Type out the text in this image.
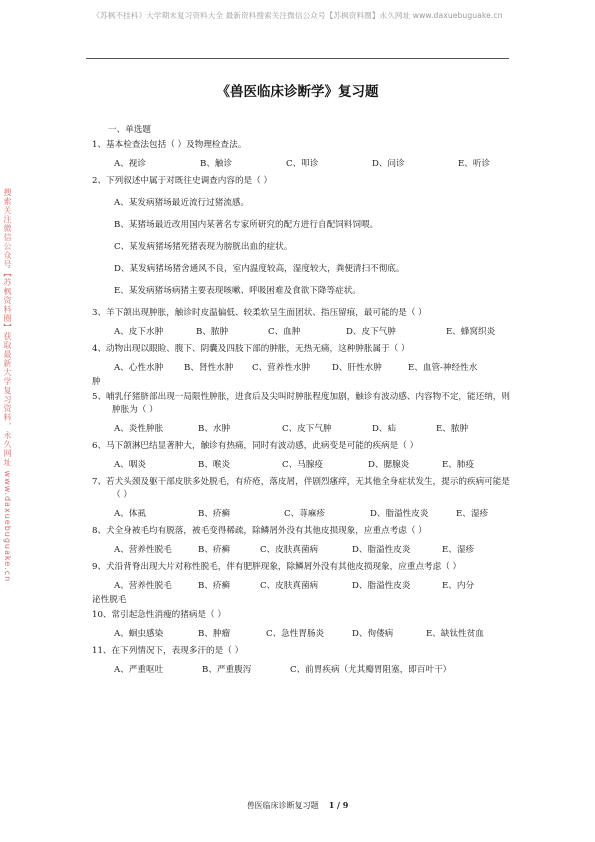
《苏枫不挂科》大学期末复习资料大全 最新资料搜索关注微信公众号【苏枫资料圈】永久网址 www.daxuebuguake.cn
搜索关注微信公众号【苏枫资料圈】获取最新大学复习资料，永久网址 www.daxuebuguake.cn
《兽医临床诊断学》复习题
一、单选题
1、基本检查法包括（ ）及物理检查法。
A、视诊	B、触诊	C、叩诊	D、问诊	E、听诊
2、下列叙述中属于对既往史调查内容的是（ ）
A、某发病猪场最近流行过猪流感。
B、某猪场最近改用国内某著名专家所研究的配方进行自配饲料饲喂。
C、某发病猪场猪死猪表现为膀胱出血的症状。
D、某发病猪场猪舍通风不良，室内温度较高，湿度较大，粪便清扫不彻底。
E、某发病猪场病猪主要表现咳嗽、呼吸困难及食欲下降等症状。
3、羊下颌出现肿胀，触诊时皮温偏低、较柔软呈生面团状、指压留痕，最可能的是（ ）
A、皮下水肿	B、脓肿	C、血肿	D、皮下气肿	E、蜂窝织炎
4、动物出现以眼睑、腹下、阴囊及四肢下部的肿胀，无热无痛，这种肿胀属于（ ）
A、心性水肿	B、肾性水肿	C、营养性水肿	D、肝性水肿	E、血管-神经性水
肿
5、哺乳仔猪脐部出现一局限性肿胀，进食后及尖叫时肿胀程度加剧，触诊有波动感、内容物不定，能还纳，则肿胀为（ ）
A、炎性肿胀	B、水肿	C、皮下气肿	D、疝	E、脓肿
6、马下颌淋巴结显著肿大，触诊有热痛，同时有波动感，此病变是可能的疾病是（ ）
A、咽炎	B、喉炎	C、马腺疫	D、腮腺炎	E、肺疫
7、若犬头颈及躯干部皮肤多处脱毛，有疥疮，落皮屑，伴剧烈瘙痒，无其他全身症状发生，提示的疾病可能是（ ）
A、体虱	B、疥癣	C、荨麻疹	D、脂溢性皮炎	E、湿疹
8、犬全身被毛均有脱落，被毛变得稀疏，除鳞屑外没有其他皮损现象，应重点考虑（ ）
A、营养性脱毛	B、疥癣	C、皮肤真菌病	D、脂溢性皮炎	E、湿疹
9、犬沿背脊出现大片对称性脱毛，伴有肥胖现象，除鳞屑外没有其他皮损现象，应重点考虑（ ）
A、营养性脱毛	B、疥癣	C、皮肤真菌病	D、脂溢性皮炎	E、内分
泌性脱毛
10、常引起急性消瘦的猪病是（ ）
A、蛔虫感染	B、肿瘤	C、急性胃肠炎	D、佝偻病	E、缺钛性贫血
11、在下列情况下，表现多汗的是（ ）
A、严重呕吐	B、严重腹泻	C、前胃疾病（尤其瓣胃阻塞，即百叶干）
兽医临床诊断复习题 1 / 9
